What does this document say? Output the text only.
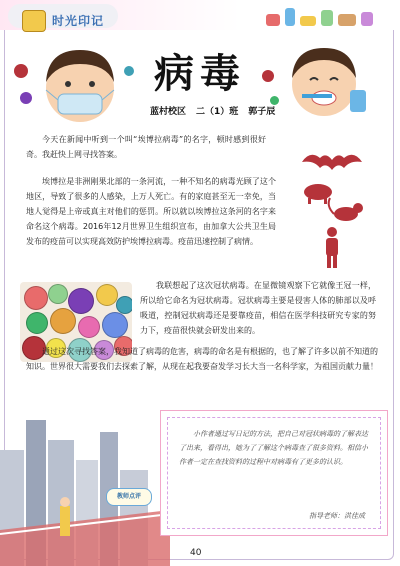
时光印记
病毒
蓝村校区 二（1）班 郭子辰
今天在新闻中听到一个叫“埃博拉病毒”的名字，顿时感到很好奇。我赶快上网寻找答案。
埃博拉是非洲刚果北部的一条河流，一种不知名的病毒光顾了这个地区，导致了很多的人感染，上万人死亡。有的家庭甚至无一幸免，当地人觉得是上帝或真主对他们的惩罚。所以就以埃博拉这条河的名字来命名这个病毒。2016年12月世界卫生组织宣布，由加拿大公共卫生局发布的疫苗可以实现高效防护埃博拉病毒。疫苗迅速控制了病情。
我联想起了这次冠状病毒。在显微镜观察下它就像王冠一样，所以给它命名为冠状病毒。冠状病毒主要是侵害人体的肺部以及呼吸道，控制冠状病毒还是要靠疫苗，相信在医学科技研究专家的努力下，疫苗很快就会研发出来的。
通过这次寻找答案，我知道了病毒的危害，病毒的命名是有根据的，也了解了许多以前不知道的知识。世界很大需要我们去探索了解，从现在起我要奋发学习长大当一名科学家，为祖国贡献力量！
教师点评
小作者通过写日记的方法，把自己对冠状病毒的了解表达了出来，看得出，她为了了解这个病毒查了很多资料。相信小作者一定在查找资料的过程中对病毒有了更多的认识。
指导老师：洪佳成
40
